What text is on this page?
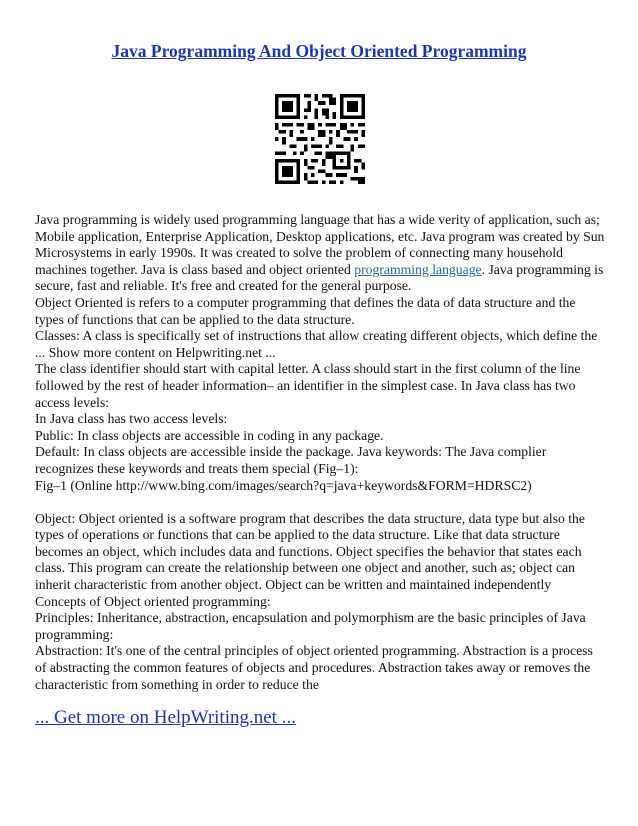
Java Programming And Object Oriented Programming

Java programming is widely used programming language that has a wide verity of application, such as; Mobile application, Enterprise Application, Desktop applications, etc. Java program was created by Sun Microsystems in early 1990s. It was created to solve the problem of connecting many household machines together. Java is class based and object oriented programming language. Java programming is secure, fast and reliable. It's free and created for the general purpose.

Object Oriented is refers to a computer programming that defines the data of data structure and the types of functions that can be applied to the data structure.

Classes: A class is specifically set of instructions that allow creating different objects, which define the ... Show more content on Helpwriting.net ...

The class identifier should start with capital letter. A class should start in the first column of the line followed by the rest of header information– an identifier in the simplest case. In Java class has two access levels:

In Java class has two access levels:

Public: In class objects are accessible in coding in any package.

Default: In class objects are accessible inside the package. Java keywords: The Java complier recognizes these keywords and treats them special (Fig–1):

Fig–1 (Online http://www.bing.com/images/search?q=java+keywords&FORM=HDRSC2)

Object: Object oriented is a software program that describes the data structure, data type but also the types of operations or functions that can be applied to the data structure. Like that data structure becomes an object, which includes data and functions. Object specifies the behavior that states each class. This program can create the relationship between one object and another, such as; object can inherit characteristic from another object. Object can be written and maintained independently

Concepts of Object oriented programming:

Principles: Inheritance, abstraction, encapsulation and polymorphism are the basic principles of Java programming:

Abstraction: It's one of the central principles of object oriented programming. Abstraction is a process of abstracting the common features of objects and procedures. Abstraction takes away or removes the characteristic from something in order to reduce the

... Get more on HelpWriting.net ...
